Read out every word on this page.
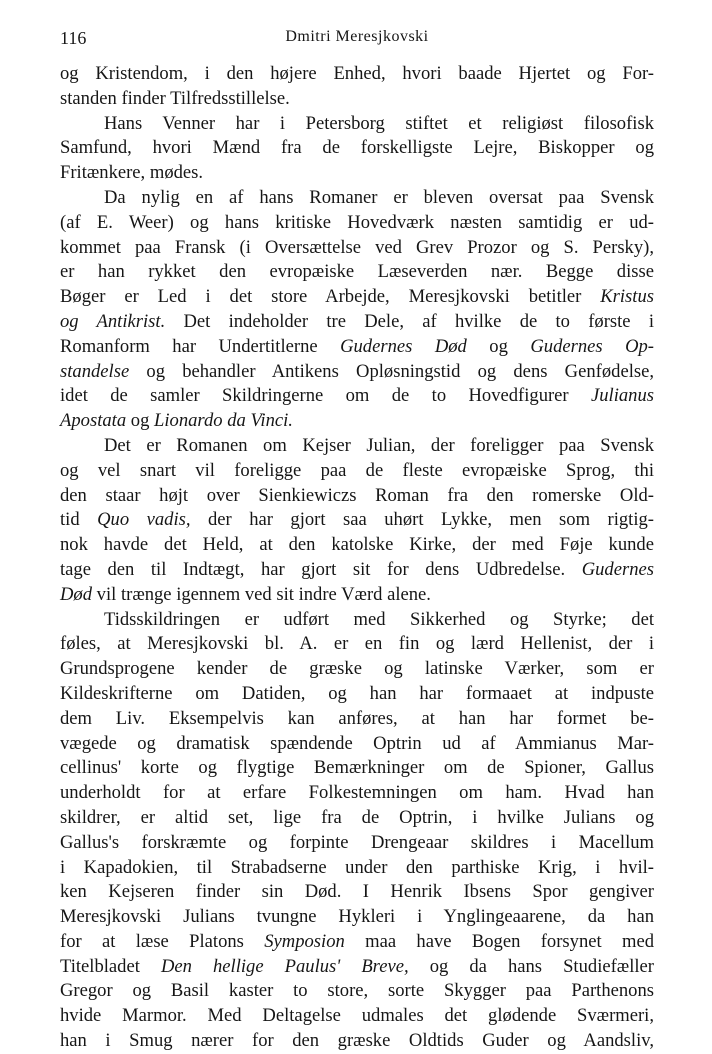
116	Dmitri Meresjkovski
og Kristendom, i den højere Enhed, hvori baade Hjertet og For-
standen finder Tilfredsstillelse.
Hans Venner har i Petersborg stiftet et religiøst filosofisk
Samfund, hvori Mænd fra de forskelligste Lejre, Biskopper og
Fritænkere, mødes.
Da nylig en af hans Romaner er bleven oversat paa Svensk
(af E. Weer) og hans kritiske Hovedværk næsten samtidig er ud-
kommet paa Fransk (i Oversættelse ved Grev Prozor og S. Persky),
er han rykket den evropæiske Læseverden nær. Begge disse
Bøger er Led i det store Arbejde, Meresjkovski betitler Kristus
og Antikrist. Det indeholder tre Dele, af hvilke de to første i
Romanform har Undertitlerne Gudernes Død og Gudernes Op-
standelse og behandler Antikens Opløsningstid og dens Genfødelse,
idet de samler Skildringerne om de to Hovedfigurer Julianus
Apostata og Lionardo da Vinci.
Det er Romanen om Kejser Julian, der foreligger paa Svensk
og vel snart vil foreligge paa de fleste evropæiske Sprog, thi
den staar højt over Sienkiewiczs Roman fra den romerske Old-
tid Quo vadis, der har gjort saa uhørt Lykke, men som rigtig-
nok havde det Held, at den katolske Kirke, der med Føje kunde
tage den til Indtægt, har gjort sit for dens Udbredelse. Gudernes
Død vil trænge igennem ved sit indre Værd alene.
Tidsskildringen er udført med Sikkerhed og Styrke; det
føles, at Meresjkovski bl. A. er en fin og lærd Hellenist, der i
Grundsprogene kender de græske og latinske Værker, som er
Kildeskrifterne om Datiden, og han har formaaet at indpuste
dem Liv. Eksempelvis kan anføres, at han har formet be-
vægede og dramatisk spændende Optrin ud af Ammianus Mar-
cellinus' korte og flygtige Bemærkninger om de Spioner, Gallus
underholdt for at erfare Folkestemningen om ham. Hvad han
skildrer, er altid set, lige fra de Optrin, i hvilke Julians og
Gallus's forskræmte og forpinte Drengeaar skildres i Macellum
i Kapadokien, til Strabadserne under den parthiske Krig, i hvil-
ken Kejseren finder sin Død. I Henrik Ibsens Spor gengiver
Meresjkovski Julians tvungne Hykleri i Ynglingeaarene, da han
for at læse Platons Symposion maa have Bogen forsynet med
Titelbladet Den hellige Paulus' Breve, og da hans Studiefæller
Gregor og Basil kaster to store, sorte Skygger paa Parthenons
hvide Marmor. Med Deltagelse udmales det glødende Sværmeri,
han i Smug nærer for den græske Oldtids Guder og Aandsliv,
